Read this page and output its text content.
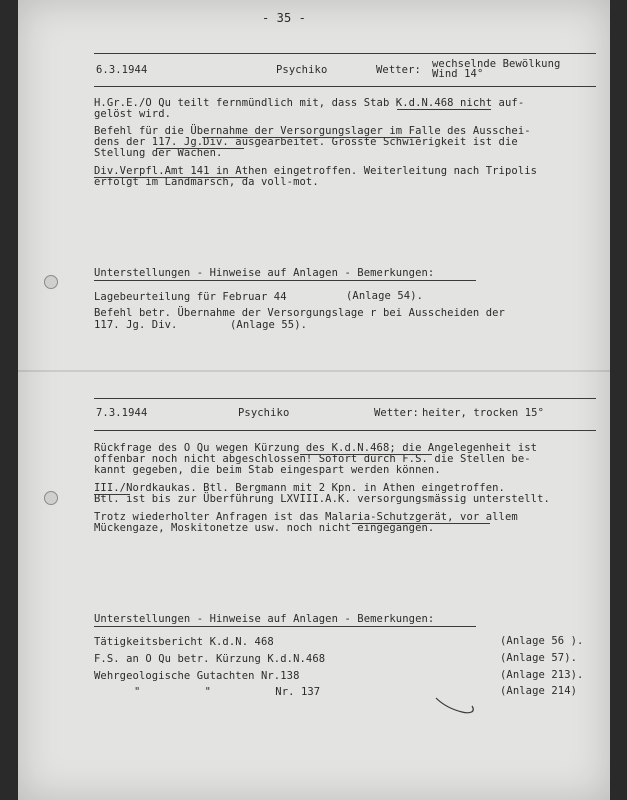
- 35 -
6.3.1944	Psychiko	Wetter: wechselnde Bewölkung
Wind 14°
H.Gr.E./O Qu teilt fernmündlich mit, dass Stab K.d.N.468 nicht auf-
gelöst wird.
Befehl für die Übernahme der Versorgungslager im Falle des Ausschei-
dens der 117. Jg.Div. ausgearbeitet. Grösste Schwierigkeit ist die
Stellung der Wachen.
Div.Verpfl.Amt 141 in Athen eingetroffen. Weiterleitung nach Tripolis
erfolgt im Landmarsch, da voll-mot.
Unterstellungen - Hinweise auf Anlagen - Bemerkungen:
Lagebeurteilung für Februar 44	(Anlage 54).
Befehl betr. Übernahme der Versorgungslage r bei Ausscheiden der
117. Jg. Div.	(Anlage 55).
7.3.1944	Psychiko	Wetter: heiter, trocken 15°
Rückfrage des O Qu wegen Kürzung des K.d.N.468; die Angelegenheit ist
offenbar noch nicht abgeschlossen! Sofort durch F.S. die Stellen be-
kannt gegeben, die beim Stab eingespart werden können.
III./Nordkaukas. Btl. Bergmann mit 2 Kpn. in Athen eingetroffen.
Btl. ist bis zur Überführung LXVIII.A.K. versorgungsmässig unterstellt.
Trotz wiederholter Anfragen ist das Malaria-Schutzgerät, vor allem
Mückengaze, Moskitonetze usw. noch nicht eingegangen.
Unterstellungen - Hinweise auf Anlagen - Bemerkungen:
Tätigkeitsbericht K.d.N. 468	(Anlage 56 ).
F.S. an O Qu betr. Kürzung K.d.N.468	(Anlage 57).
Wehrgeologische Gutachten Nr.138	(Anlage 213).
"          "          Nr. 137	(Anlage 214)
